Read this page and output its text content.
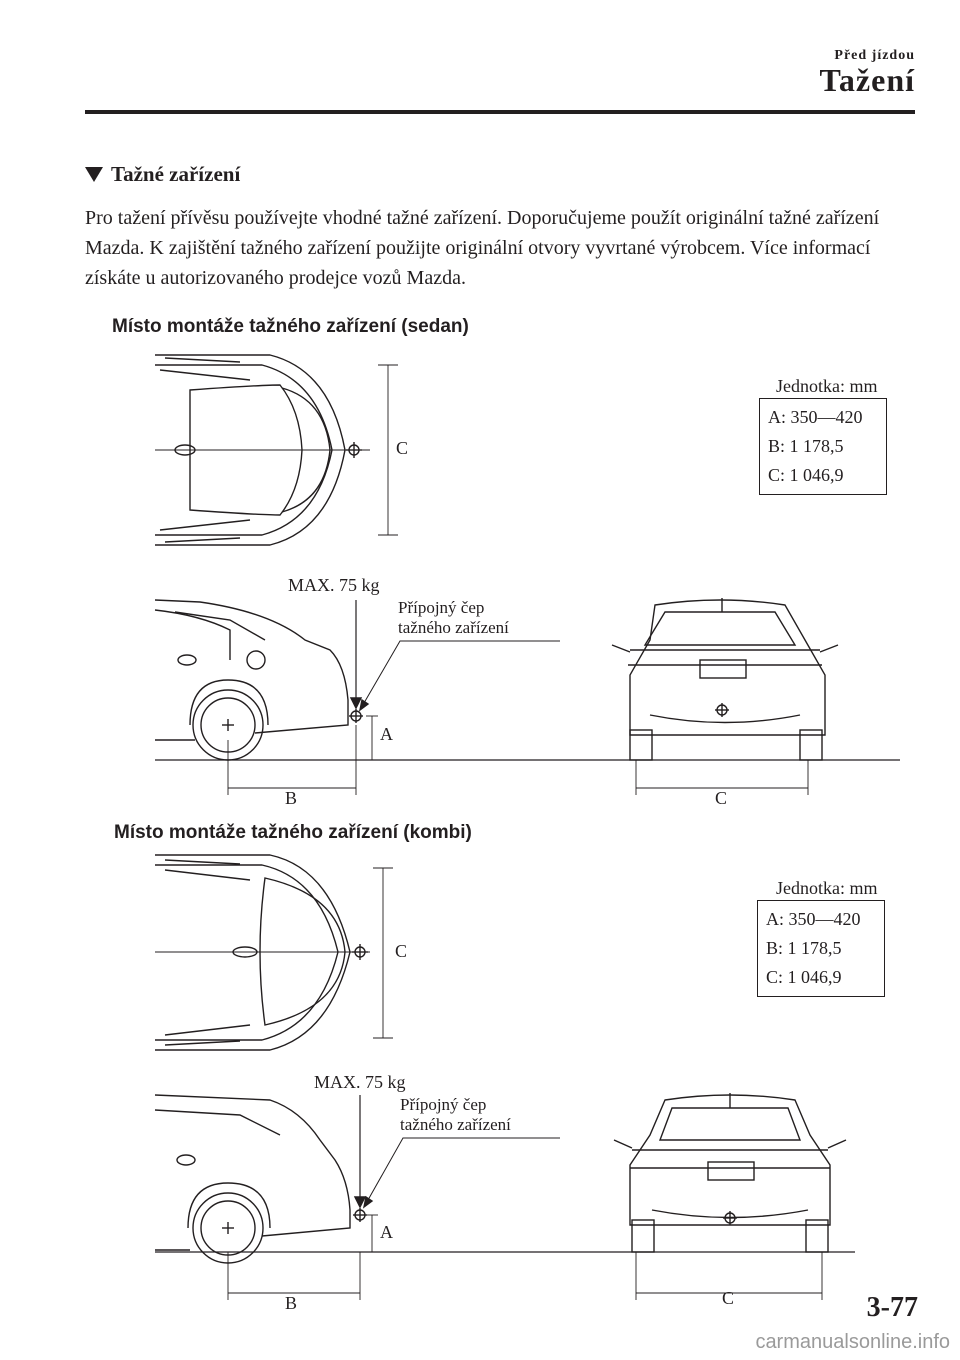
Před jízdou
Tažení
Tažné zařízení
Pro tažení přívěsu používejte vhodné tažné zařízení. Doporučujeme použít originální tažné zařízení Mazda. K zajištění tažného zařízení použijte originální otvory vyvrtané výrobcem. Více informací získáte u autorizovaného prodejce vozů Mazda.
Místo montáže tažného zařízení (sedan)
Jednotka: mm
A: 350—420
B: 1 178,5
C: 1 046,9
C
MAX. 75 kg
Přípojný čep
tažného zařízení
A
B	C
Místo montáže tažného zařízení (kombi)
Jednotka: mm
A: 350—420
B: 1 178,5
C: 1 046,9
C
MAX. 75 kg
Přípojný čep
tažného zařízení
A
B	C	3-77
carmanualsonline.info
